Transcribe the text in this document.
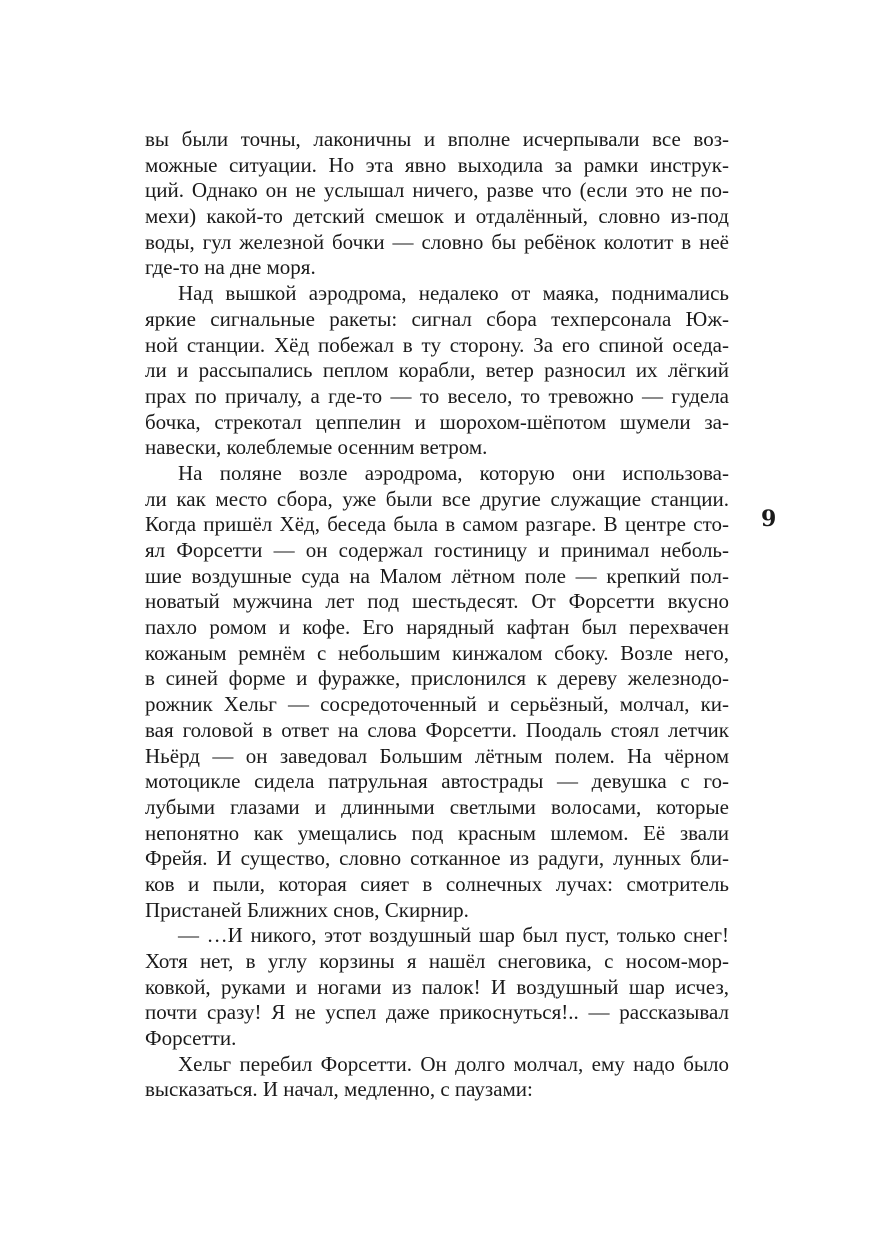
вы были точны, лаконичны и вполне исчерпывали все воз-
можные ситуации. Но эта явно выходила за рамки инструк-
ций. Однако он не услышал ничего, разве что (если это не по-
мехи) какой-то детский смешок и отдалённый, словно из-под
воды, гул железной бочки — словно бы ребёнок колотит в неё
где-то на дне моря.
Над вышкой аэродрома, недалеко от маяка, поднимались
яркие сигнальные ракеты: сигнал сбора техперсонала Юж-
ной станции. Хёд побежал в ту сторону. За его спиной оседа-
ли и рассыпались пеплом корабли, ветер разносил их лёгкий
прах по причалу, а где-то — то весело, то тревожно — гудела
бочка, стрекотал цеппелин и шорохом-шёпотом шумели за-
навески, колеблемые осенним ветром.
На поляне возле аэродрома, которую они использова-
ли как место сбора, уже были все другие служащие станции.
Когда пришёл Хёд, беседа была в самом разгаре. В центре сто-
ял Форсетти — он содержал гостиницу и принимал неболь-
шие воздушные суда на Малом лётном поле — крепкий пол-
новатый мужчина лет под шестьдесят. От Форсетти вкусно
пахло ромом и кофе. Его нарядный кафтан был перехвачен
кожаным ремнём с небольшим кинжалом сбоку. Возле него,
в синей форме и фуражке, прислонился к дереву железнодо-
рожник Хельг — сосредоточенный и серьёзный, молчал, ки-
вая головой в ответ на слова Форсетти. Поодаль стоял летчик
Ньёрд — он заведовал Большим лётным полем. На чёрном
мотоцикле сидела патрульная автострады — девушка с го-
лубыми глазами и длинными светлыми волосами, которые
непонятно как умещались под красным шлемом. Её звали
Фрейя. И существо, словно сотканное из радуги, лунных бли-
ков и пыли, которая сияет в солнечных лучах: смотритель
Пристаней Ближних снов, Скирнир.
— …И никого, этот воздушный шар был пуст, только снег!
Хотя нет, в углу корзины я нашёл снеговика, с носом-мор-
ковкой, руками и ногами из палок! И воздушный шар исчез,
почти сразу! Я не успел даже прикоснуться!.. — рассказывал
Форсетти.
Хельг перебил Форсетти. Он долго молчал, ему надо было
высказаться. И начал, медленно, с паузами:
9
